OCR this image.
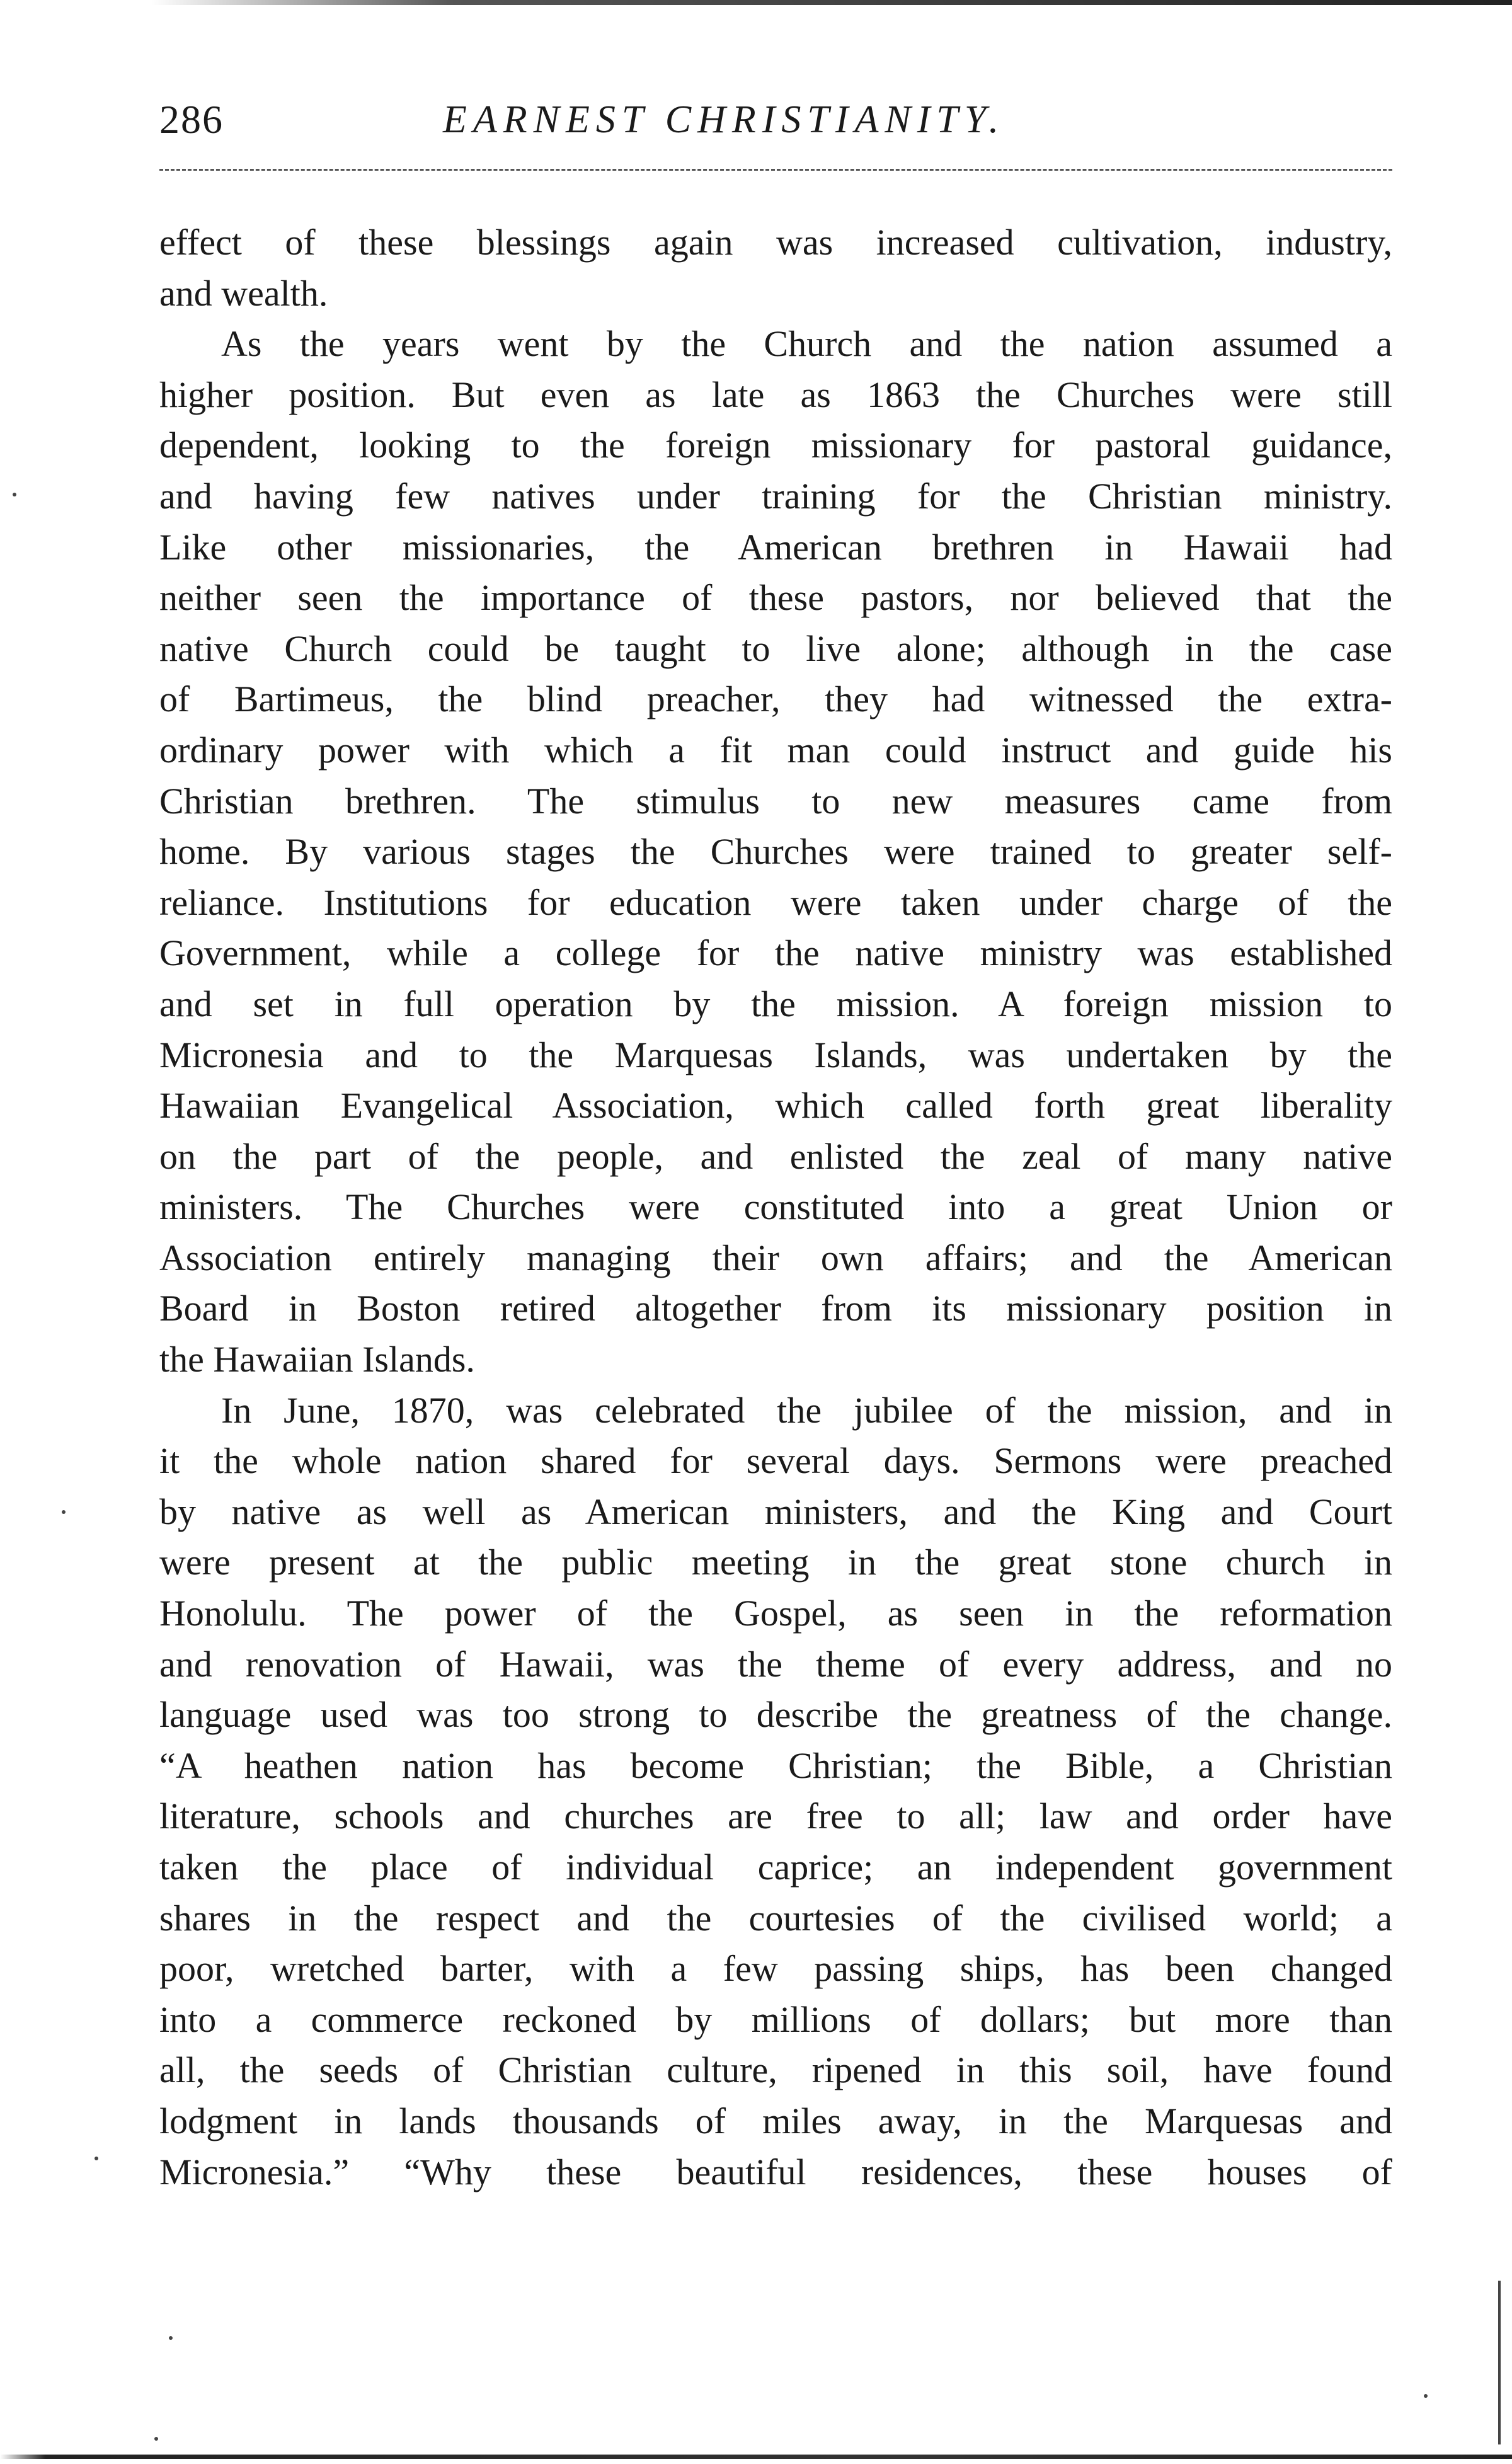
286	EARNEST CHRISTIANITY.
effect of these blessings again was increased cultivation, industry,
and wealth.
As the years went by the Church and the nation assumed a
higher position. But even as late as 1863 the Churches were still
dependent, looking to the foreign missionary for pastoral guidance,
and having few natives under training for the Christian ministry.
Like other missionaries, the American brethren in Hawaii had
neither seen the importance of these pastors, nor believed that the
native Church could be taught to live alone; although in the case
of Bartimeus, the blind preacher, they had witnessed the extra-
ordinary power with which a fit man could instruct and guide his
Christian brethren. The stimulus to new measures came from
home. By various stages the Churches were trained to greater self-
reliance. Institutions for education were taken under charge of the
Government, while a college for the native ministry was established
and set in full operation by the mission. A foreign mission to
Micronesia and to the Marquesas Islands, was undertaken by the
Hawaiian Evangelical Association, which called forth great liberality
on the part of the people, and enlisted the zeal of many native
ministers. The Churches were constituted into a great Union or
Association entirely managing their own affairs; and the American
Board in Boston retired altogether from its missionary position in
the Hawaiian Islands.
In June, 1870, was celebrated the jubilee of the mission, and in
it the whole nation shared for several days. Sermons were preached
by native as well as American ministers, and the King and Court
were present at the public meeting in the great stone church in
Honolulu. The power of the Gospel, as seen in the reformation
and renovation of Hawaii, was the theme of every address, and no
language used was too strong to describe the greatness of the change.
“A heathen nation has become Christian; the Bible, a Christian
literature, schools and churches are free to all; law and order have
taken the place of individual caprice; an independent government
shares in the respect and the courtesies of the civilised world; a
poor, wretched barter, with a few passing ships, has been changed
into a commerce reckoned by millions of dollars; but more than
all, the seeds of Christian culture, ripened in this soil, have found
lodgment in lands thousands of miles away, in the Marquesas and
Micronesia.” “Why these beautiful residences, these houses of
